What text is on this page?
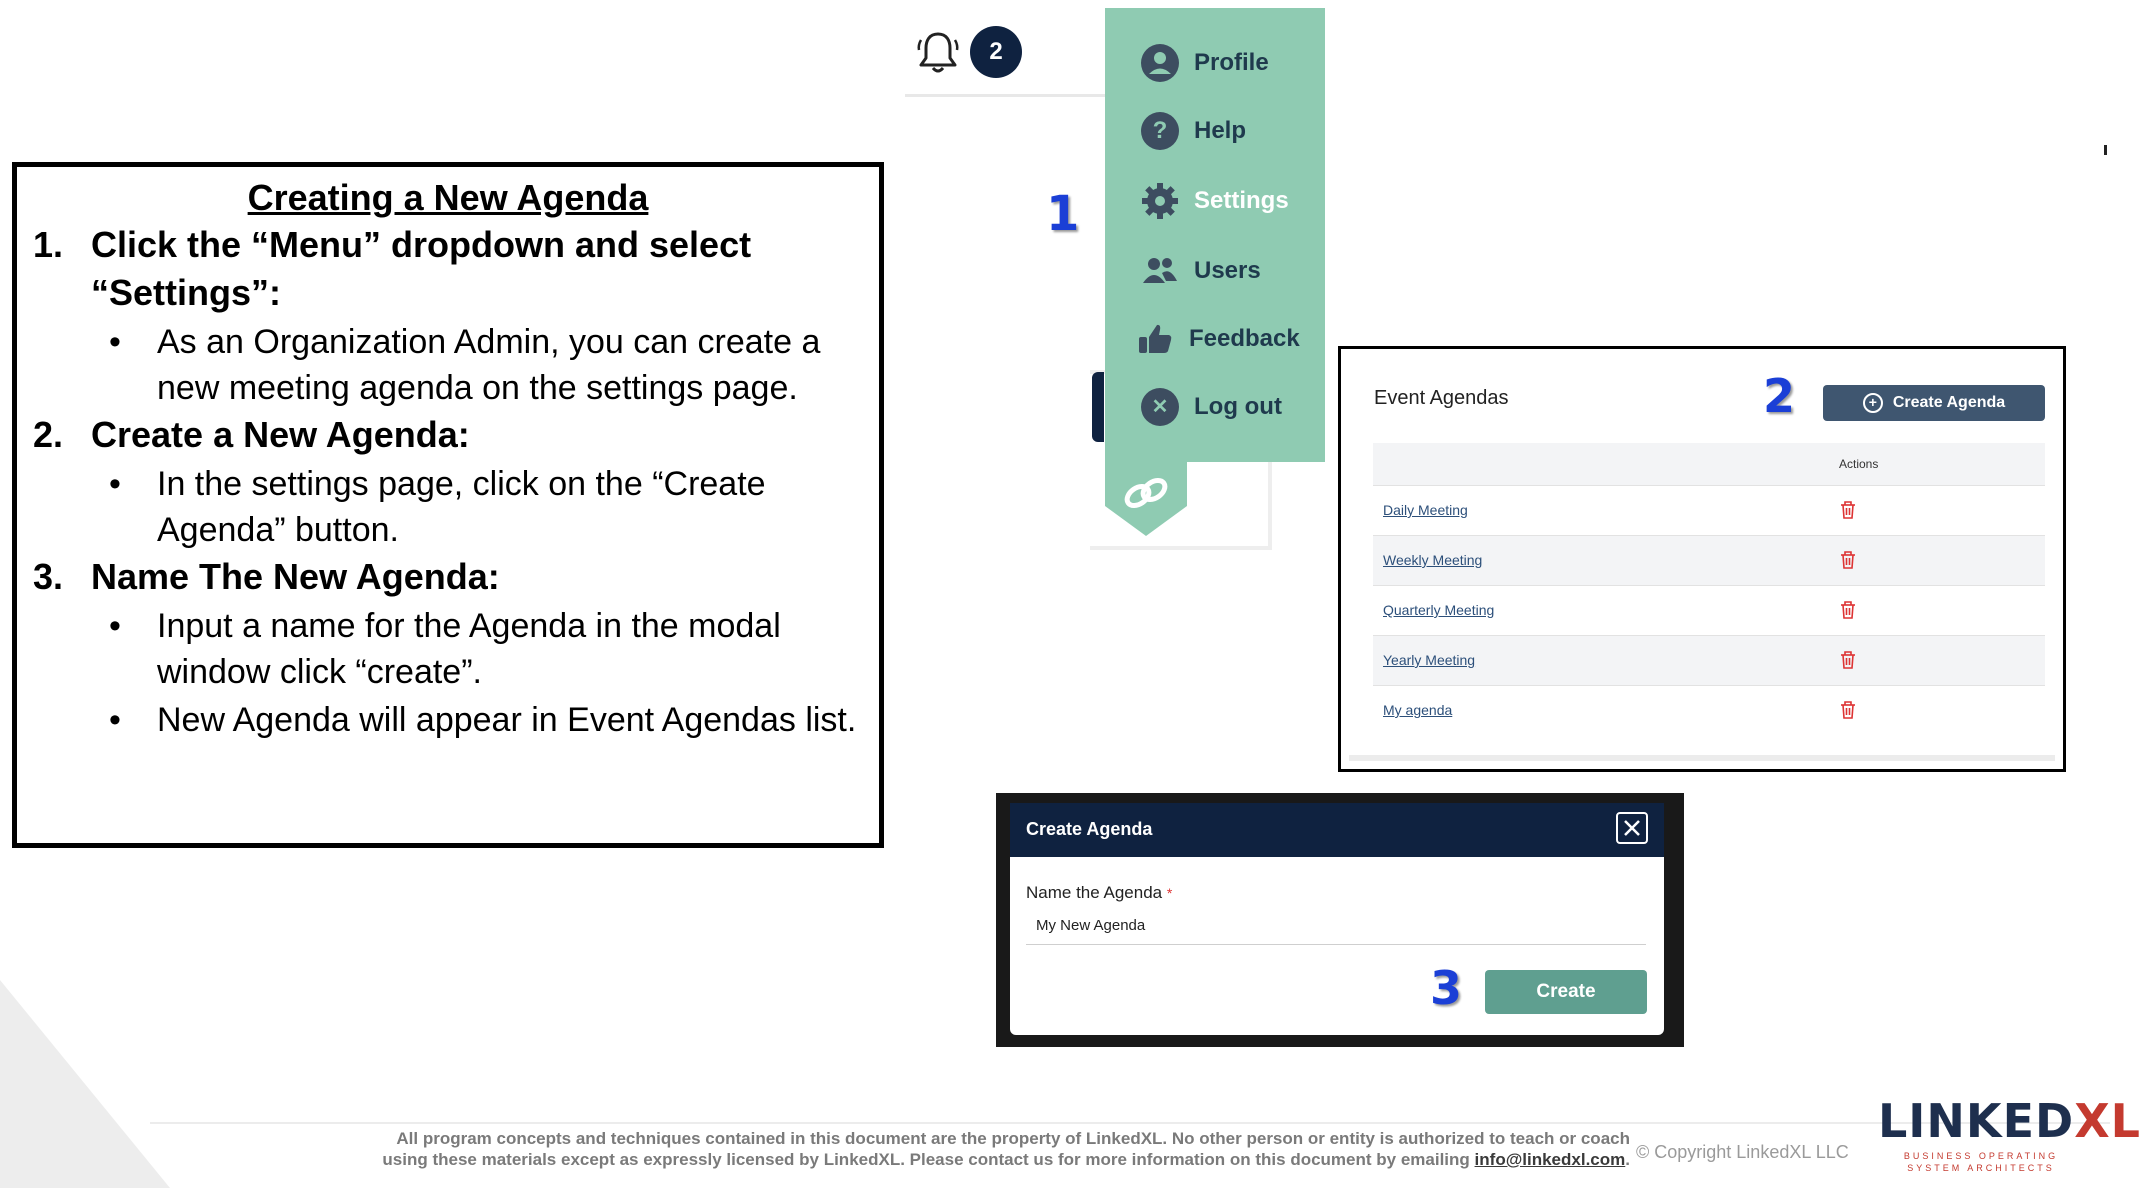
Creating a New Agenda
1. Click the “Menu” dropdown and select “Settings”:
• As an Organization Admin, you can create a new meeting agenda on the settings page.
2. Create a New Agenda:
• In the settings page, click on the “Create Agenda” button.
3. Name The New Agenda:
• Input a name for the Agenda in the modal window click “create”.
• New Agenda will appear in Event Agendas list.
2
1
Profile
?	Help
Settings
Users
Feedback
✕	Log out	Event Agendas	2	+ Create Agenda
Actions
Daily Meeting
Weekly Meeting
Quarterly Meeting
Yearly Meeting
My agenda
Create Agenda
Name the Agenda *
My New Agenda
3	Create
All program concepts and techniques contained in this document are the property of LinkedXL. No other person or entity is authorized to teach or coach
using these materials except as expressly licensed by LinkedXL. Please contact us for more information on this document by emailing info@linkedxl.com. © Copyright LinkedXL LLC
LINKEDXL
BUSINESS OPERATING SYSTEM ARCHITECTS
